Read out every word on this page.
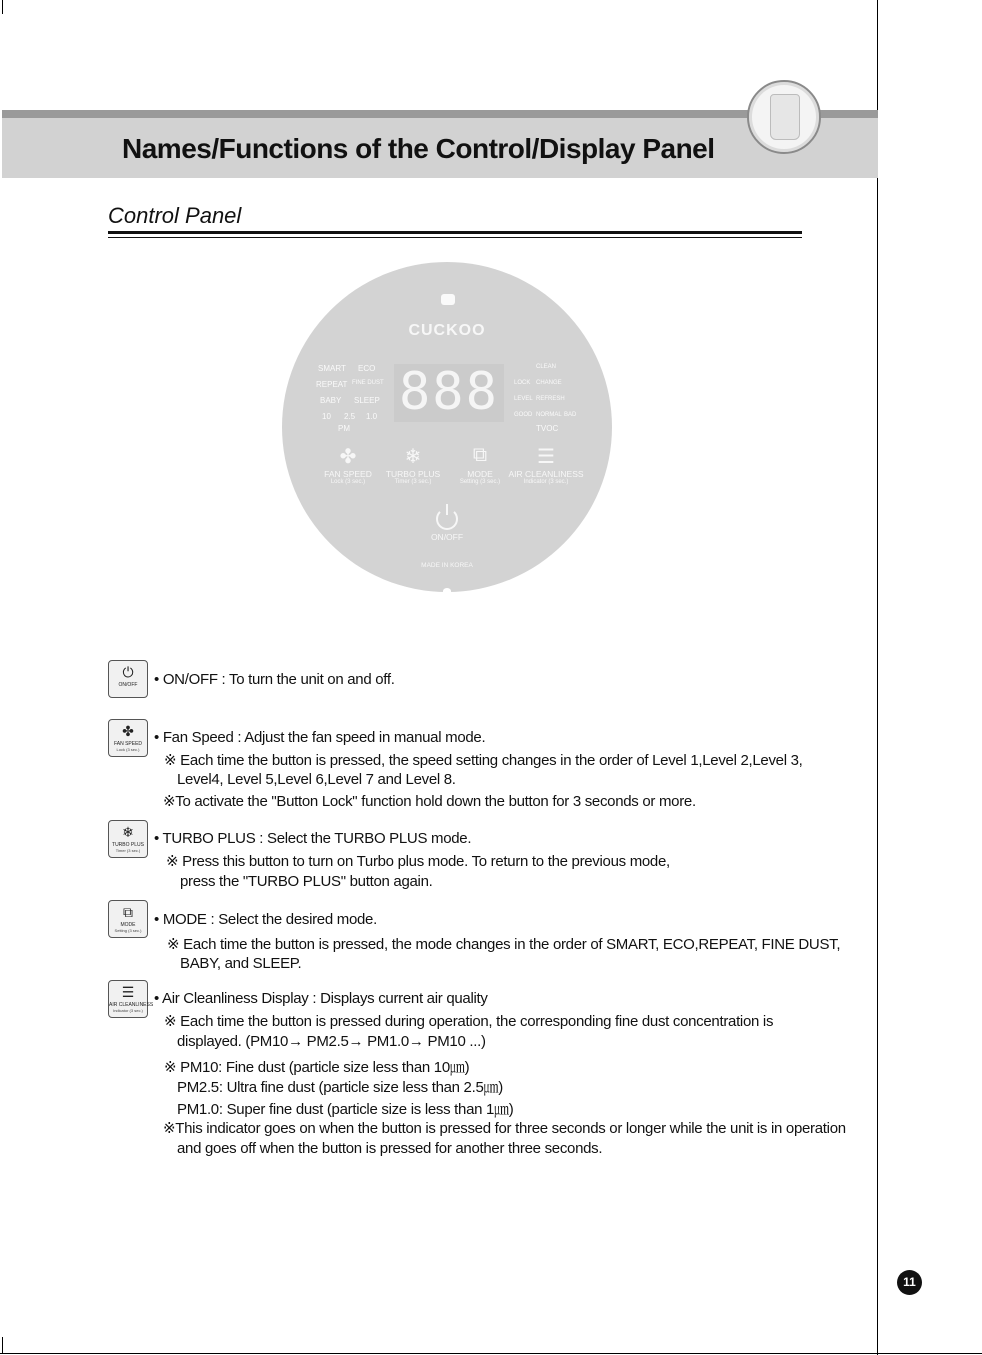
Names/Functions of the Control/Display Panel
Control Panel
CUCKOO
SMART ECO
REPEAT FINE DUST
BABY SLEEP
10 2.5 1.0
PM
888	CLEAN
LOCK CHANGE
LEVEL REFRESH
GOOD NORMAL BAD
TVOC
✤	❄	⧉	☰
FAN SPEED	TURBO PLUS	MODE	AIR CLEANLINESS
Lock (3 sec.)	Timer (3 sec.)	Setting (3 sec.)	Indicator (3 sec.)
ON/OFF
MADE IN KOREA
⏻
ON/OFF	• ON/OFF : To turn the unit on and off.
✤
FAN SPEED
Lock (3 sec.)
• Fan Speed : Adjust the fan speed in manual mode.
※ Each time the button is pressed, the speed setting changes in the order of Level 1,Level 2,Level 3,
Level4, Level 5,Level 6,Level 7 and Level 8.
※To activate the "Button Lock" function hold down the button for 3 seconds or more.
❄
TURBO PLUS
Timer (3 sec.)
• TURBO PLUS : Select the TURBO PLUS mode.
※ Press this button to turn on Turbo plus mode. To return to the previous mode,
press the "TURBO PLUS" button again.
⧉
MODE
Setting (3 sec.)
• MODE : Select the desired mode.
※ Each time the button is pressed, the mode changes in the order of SMART, ECO,REPEAT, FINE DUST,
BABY, and SLEEP.
☰
AIR CLEANLINESS
Indicator (3 sec.)
• Air Cleanliness Display : Displays current air quality
※ Each time the button is pressed during operation, the corresponding fine dust concentration is
displayed. (PM10→ PM2.5→ PM1.0→ PM10 ...)
※ PM10: Fine dust (particle size less than 10㎛)
PM2.5: Ultra fine dust (particle size less than 2.5㎛)
PM1.0: Super fine dust (particle size is less than 1㎛)
※This indicator goes on when the button is pressed for three seconds or longer while the unit is in operation
and goes off when the button is pressed for another three seconds.
11
